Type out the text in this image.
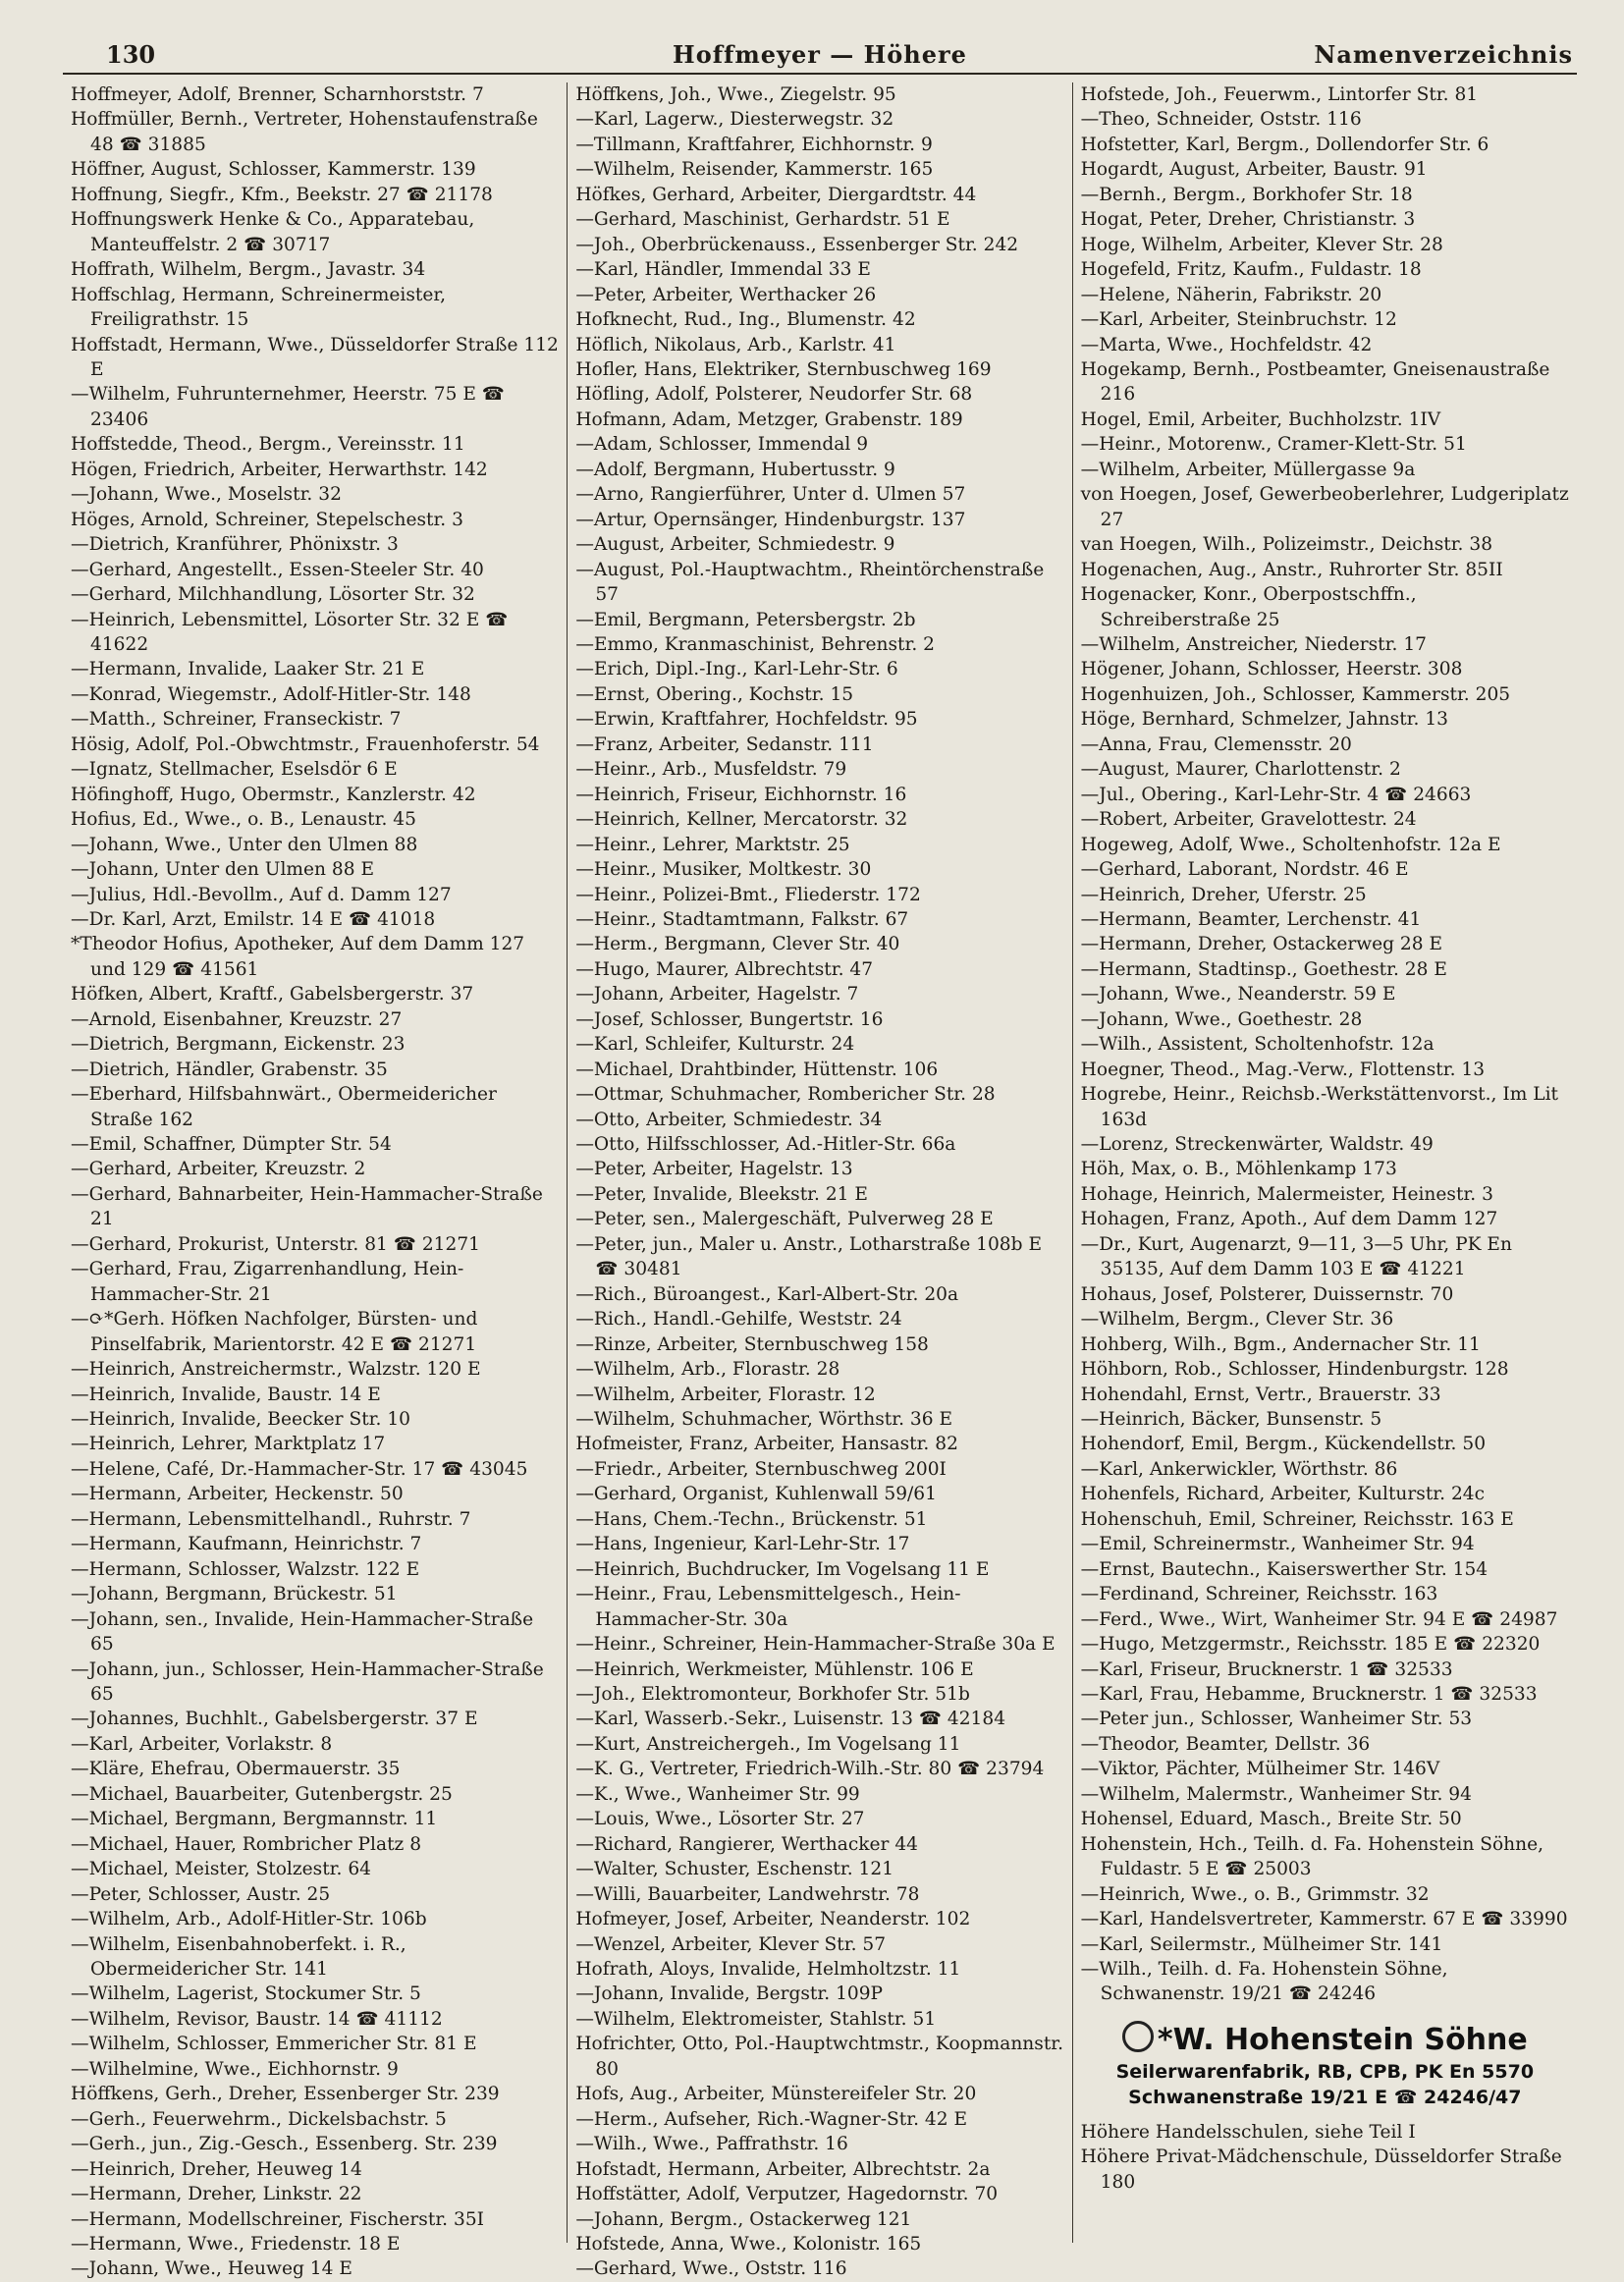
130	Hoffmeyer — Höhere	Namenverzeichnis
Hoffmeyer, Adolf, Brenner, Scharnhorststr. 7
Hoffmüller, Bernh., Vertreter, Hohenstaufenstraße 48 ☎ 31885
Höffner, August, Schlosser, Kammerstr. 139
Hoffnung, Siegfr., Kfm., Beekstr. 27 ☎ 21178
Hoffnungswerk Henke & Co., Apparatebau, Manteuffelstr. 2 ☎ 30717
Hoffrath, Wilhelm, Bergm., Javastr. 34
Hoffschlag, Hermann, Schreinermeister, Freiligrathstr. 15
Hoffstadt, Hermann, Wwe., Düsseldorfer Straße 112 E
—Wilhelm, Fuhrunternehmer, Heerstr. 75 E ☎ 23406
Hoffstedde, Theod., Bergm., Vereinsstr. 11
Högen, Friedrich, Arbeiter, Herwarthstr. 142
—Johann, Wwe., Moselstr. 32
Höges, Arnold, Schreiner, Stepelschestr. 3
—Dietrich, Kranführer, Phönixstr. 3
—Gerhard, Angestellt., Essen-Steeler Str. 40
—Gerhard, Milchhandlung, Lösorter Str. 32
—Heinrich, Lebensmittel, Lösorter Str. 32 E ☎ 41622
—Hermann, Invalide, Laaker Str. 21 E
—Konrad, Wiegemstr., Adolf-Hitler-Str. 148
—Matth., Schreiner, Franseckistr. 7
Hösig, Adolf, Pol.-Obwchtmstr., Frauenhoferstr. 54
—Ignatz, Stellmacher, Eselsdör 6 E
Höfinghoff, Hugo, Obermstr., Kanzlerstr. 42
Hofius, Ed., Wwe., o. B., Lenaustr. 45
—Johann, Wwe., Unter den Ulmen 88
—Johann, Unter den Ulmen 88 E
—Julius, Hdl.-Bevollm., Auf d. Damm 127
—Dr. Karl, Arzt, Emilstr. 14 E ☎ 41018
*Theodor Hofius, Apotheker, Auf dem Damm 127 und 129 ☎ 41561
Höfken, Albert, Kraftf., Gabelsbergerstr. 37
—Arnold, Eisenbahner, Kreuzstr. 27
—Dietrich, Bergmann, Eickenstr. 23
—Dietrich, Händler, Grabenstr. 35
—Eberhard, Hilfsbahnwärt., Obermeidericher Straße 162
—Emil, Schaffner, Dümpter Str. 54
—Gerhard, Arbeiter, Kreuzstr. 2
—Gerhard, Bahnarbeiter, Hein-Hammacher-Straße 21
—Gerhard, Prokurist, Unterstr. 81 ☎ 21271
—Gerhard, Frau, Zigarrenhandlung, Hein-Hammacher-Str. 21
—⟳*Gerh. Höfken Nachfolger, Bürsten- und Pinselfabrik, Marientorstr. 42 E ☎ 21271
—Heinrich, Anstreichermstr., Walzstr. 120 E
—Heinrich, Invalide, Baustr. 14 E
—Heinrich, Invalide, Beecker Str. 10
—Heinrich, Lehrer, Marktplatz 17
—Helene, Café, Dr.-Hammacher-Str. 17 ☎ 43045
—Hermann, Arbeiter, Heckenstr. 50
—Hermann, Lebensmittelhandl., Ruhrstr. 7
—Hermann, Kaufmann, Heinrichstr. 7
—Hermann, Schlosser, Walzstr. 122 E
—Johann, Bergmann, Brückestr. 51
—Johann, sen., Invalide, Hein-Hammacher-Straße 65
—Johann, jun., Schlosser, Hein-Hammacher-Straße 65
—Johannes, Buchhlt., Gabelsbergerstr. 37 E
—Karl, Arbeiter, Vorlakstr. 8
—Kläre, Ehefrau, Obermauerstr. 35
—Michael, Bauarbeiter, Gutenbergstr. 25
—Michael, Bergmann, Bergmannstr. 11
—Michael, Hauer, Rombricher Platz 8
—Michael, Meister, Stolzestr. 64
—Peter, Schlosser, Austr. 25
—Wilhelm, Arb., Adolf-Hitler-Str. 106b
—Wilhelm, Eisenbahnoberfekt. i. R., Obermeidericher Str. 141
—Wilhelm, Lagerist, Stockumer Str. 5
—Wilhelm, Revisor, Baustr. 14 ☎ 41112
—Wilhelm, Schlosser, Emmericher Str. 81 E
—Wilhelmine, Wwe., Eichhornstr. 9
Höffkens, Gerh., Dreher, Essenberger Str. 239
—Gerh., Feuerwehrm., Dickelsbachstr. 5
—Gerh., jun., Zig.-Gesch., Essenberg. Str. 239
—Heinrich, Dreher, Heuweg 14
—Hermann, Dreher, Linkstr. 22
—Hermann, Modellschreiner, Fischerstr. 35I
—Hermann, Wwe., Friedenstr. 18 E
—Johann, Wwe., Heuweg 14 E
Höffkens, Joh., Wwe., Ziegelstr. 95
—Karl, Lagerw., Diesterwegstr. 32
—Tillmann, Kraftfahrer, Eichhornstr. 9
—Wilhelm, Reisender, Kammerstr. 165
Höfkes, Gerhard, Arbeiter, Diergardtstr. 44
—Gerhard, Maschinist, Gerhardstr. 51 E
—Joh., Oberbrückenauss., Essenberger Str. 242
—Karl, Händler, Immendal 33 E
—Peter, Arbeiter, Werthacker 26
Hofknecht, Rud., Ing., Blumenstr. 42
Höflich, Nikolaus, Arb., Karlstr. 41
Hofler, Hans, Elektriker, Sternbuschweg 169
Höfling, Adolf, Polsterer, Neudorfer Str. 68
Hofmann, Adam, Metzger, Grabenstr. 189
—Adam, Schlosser, Immendal 9
—Adolf, Bergmann, Hubertusstr. 9
—Arno, Rangierführer, Unter d. Ulmen 57
—Artur, Opernsänger, Hindenburgstr. 137
—August, Arbeiter, Schmiedestr. 9
—August, Pol.-Hauptwachtm., Rheintörchenstraße 57
—Emil, Bergmann, Petersbergstr. 2b
—Emmo, Kranmaschinist, Behrenstr. 2
—Erich, Dipl.-Ing., Karl-Lehr-Str. 6
—Ernst, Obering., Kochstr. 15
—Erwin, Kraftfahrer, Hochfeldstr. 95
—Franz, Arbeiter, Sedanstr. 111
—Heinr., Arb., Musfeldstr. 79
—Heinrich, Friseur, Eichhornstr. 16
—Heinrich, Kellner, Mercatorstr. 32
—Heinr., Lehrer, Marktstr. 25
—Heinr., Musiker, Moltkestr. 30
—Heinr., Polizei-Bmt., Fliederstr. 172
—Heinr., Stadtamtmann, Falkstr. 67
—Herm., Bergmann, Clever Str. 40
—Hugo, Maurer, Albrechtstr. 47
—Johann, Arbeiter, Hagelstr. 7
—Josef, Schlosser, Bungertstr. 16
—Karl, Schleifer, Kulturstr. 24
—Michael, Drahtbinder, Hüttenstr. 106
—Ottmar, Schuhmacher, Rombericher Str. 28
—Otto, Arbeiter, Schmiedestr. 34
—Otto, Hilfsschlosser, Ad.-Hitler-Str. 66a
—Peter, Arbeiter, Hagelstr. 13
—Peter, Invalide, Bleekstr. 21 E
—Peter, sen., Malergeschäft, Pulverweg 28 E
—Peter, jun., Maler u. Anstr., Lotharstraße 108b E ☎ 30481
—Rich., Büroangest., Karl-Albert-Str. 20a
—Rich., Handl.-Gehilfe, Weststr. 24
—Rinze, Arbeiter, Sternbuschweg 158
—Wilhelm, Arb., Florastr. 28
—Wilhelm, Arbeiter, Florastr. 12
—Wilhelm, Schuhmacher, Wörthstr. 36 E
Hofmeister, Franz, Arbeiter, Hansastr. 82
—Friedr., Arbeiter, Sternbuschweg 200I
—Gerhard, Organist, Kuhlenwall 59/61
—Hans, Chem.-Techn., Brückenstr. 51
—Hans, Ingenieur, Karl-Lehr-Str. 17
—Heinrich, Buchdrucker, Im Vogelsang 11 E
—Heinr., Frau, Lebensmittelgesch., Hein-Hammacher-Str. 30a
—Heinr., Schreiner, Hein-Hammacher-Straße 30a E
—Heinrich, Werkmeister, Mühlenstr. 106 E
—Joh., Elektromonteur, Borkhofer Str. 51b
—Karl, Wasserb.-Sekr., Luisenstr. 13 ☎ 42184
—Kurt, Anstreichergeh., Im Vogelsang 11
—K. G., Vertreter, Friedrich-Wilh.-Str. 80 ☎ 23794
—K., Wwe., Wanheimer Str. 99
—Louis, Wwe., Lösorter Str. 27
—Richard, Rangierer, Werthacker 44
—Walter, Schuster, Eschenstr. 121
—Willi, Bauarbeiter, Landwehrstr. 78
Hofmeyer, Josef, Arbeiter, Neanderstr. 102
—Wenzel, Arbeiter, Klever Str. 57
Hofrath, Aloys, Invalide, Helmholtzstr. 11
—Johann, Invalide, Bergstr. 109P
—Wilhelm, Elektromeister, Stahlstr. 51
Hofrichter, Otto, Pol.-Hauptwchtmstr., Koopmannstr. 80
Hofs, Aug., Arbeiter, Münstereifeler Str. 20
—Herm., Aufseher, Rich.-Wagner-Str. 42 E
—Wilh., Wwe., Paffrathstr. 16
Hofstadt, Hermann, Arbeiter, Albrechtstr. 2a
Hoffstätter, Adolf, Verputzer, Hagedornstr. 70
—Johann, Bergm., Ostackerweg 121
Hofstede, Anna, Wwe., Kolonistr. 165
—Gerhard, Wwe., Oststr. 116
Hofstede, Joh., Feuerwm., Lintorfer Str. 81
—Theo, Schneider, Oststr. 116
Hofstetter, Karl, Bergm., Dollendorfer Str. 6
Hogardt, August, Arbeiter, Baustr. 91
—Bernh., Bergm., Borkhofer Str. 18
Hogat, Peter, Dreher, Christianstr. 3
Hoge, Wilhelm, Arbeiter, Klever Str. 28
Hogefeld, Fritz, Kaufm., Fuldastr. 18
—Helene, Näherin, Fabrikstr. 20
—Karl, Arbeiter, Steinbruchstr. 12
—Marta, Wwe., Hochfeldstr. 42
Hogekamp, Bernh., Postbeamter, Gneisenaustraße 216
Hogel, Emil, Arbeiter, Buchholzstr. 1IV
—Heinr., Motorenw., Cramer-Klett-Str. 51
—Wilhelm, Arbeiter, Müllergasse 9a
von Hoegen, Josef, Gewerbeoberlehrer, Ludgeriplatz 27
van Hoegen, Wilh., Polizeimstr., Deichstr. 38
Hogenachen, Aug., Anstr., Ruhrorter Str. 85II
Hogenacker, Konr., Oberpostschffn., Schreiberstraße 25
—Wilhelm, Anstreicher, Niederstr. 17
Högener, Johann, Schlosser, Heerstr. 308
Hogenhuizen, Joh., Schlosser, Kammerstr. 205
Höge, Bernhard, Schmelzer, Jahnstr. 13
—Anna, Frau, Clemensstr. 20
—August, Maurer, Charlottenstr. 2
—Jul., Obering., Karl-Lehr-Str. 4 ☎ 24663
—Robert, Arbeiter, Gravelottestr. 24
Hogeweg, Adolf, Wwe., Scholtenhofstr. 12a E
—Gerhard, Laborant, Nordstr. 46 E
—Heinrich, Dreher, Uferstr. 25
—Hermann, Beamter, Lerchenstr. 41
—Hermann, Dreher, Ostackerweg 28 E
—Hermann, Stadtinsp., Goethestr. 28 E
—Johann, Wwe., Neanderstr. 59 E
—Johann, Wwe., Goethestr. 28
—Wilh., Assistent, Scholtenhofstr. 12a
Hoegner, Theod., Mag.-Verw., Flottenstr. 13
Hogrebe, Heinr., Reichsb.-Werkstättenvorst., Im Lit 163d
—Lorenz, Streckenwärter, Waldstr. 49
Höh, Max, o. B., Möhlenkamp 173
Hohage, Heinrich, Malermeister, Heinestr. 3
Hohagen, Franz, Apoth., Auf dem Damm 127
—Dr., Kurt, Augenarzt, 9—11, 3—5 Uhr, PK En 35135, Auf dem Damm 103 E ☎ 41221
Hohaus, Josef, Polsterer, Duissernstr. 70
—Wilhelm, Bergm., Clever Str. 36
Hohberg, Wilh., Bgm., Andernacher Str. 11
Höhborn, Rob., Schlosser, Hindenburgstr. 128
Hohendahl, Ernst, Vertr., Brauerstr. 33
—Heinrich, Bäcker, Bunsenstr. 5
Hohendorf, Emil, Bergm., Kückendellstr. 50
—Karl, Ankerwickler, Wörthstr. 86
Hohenfels, Richard, Arbeiter, Kulturstr. 24c
Hohenschuh, Emil, Schreiner, Reichsstr. 163 E
—Emil, Schreinermstr., Wanheimer Str. 94
—Ernst, Bautechn., Kaiserswerther Str. 154
—Ferdinand, Schreiner, Reichsstr. 163
—Ferd., Wwe., Wirt, Wanheimer Str. 94 E ☎ 24987
—Hugo, Metzgermstr., Reichsstr. 185 E ☎ 22320
—Karl, Friseur, Brucknerstr. 1 ☎ 32533
—Karl, Frau, Hebamme, Brucknerstr. 1 ☎ 32533
—Peter jun., Schlosser, Wanheimer Str. 53
—Theodor, Beamter, Dellstr. 36
—Viktor, Pächter, Mülheimer Str. 146V
—Wilhelm, Malermstr., Wanheimer Str. 94
Hohensel, Eduard, Masch., Breite Str. 50
Hohenstein, Hch., Teilh. d. Fa. Hohenstein Söhne, Fuldastr. 5 E ☎ 25003
—Heinrich, Wwe., o. B., Grimmstr. 32
—Karl, Handelsvertreter, Kammerstr. 67 E ☎ 33990
—Karl, Seilermstr., Mülheimer Str. 141
—Wilh., Teilh. d. Fa. Hohenstein Söhne, Schwanenstr. 19/21 ☎ 24246
*W. Hohenstein Söhne
Seilerwarenfabrik, RB, CPB, PK En 5570
Schwanenstraße 19/21 E ☎ 24246/47
Höhere Handelsschulen, siehe Teil I
Höhere Privat-Mädchenschule, Düsseldorfer Straße 180
